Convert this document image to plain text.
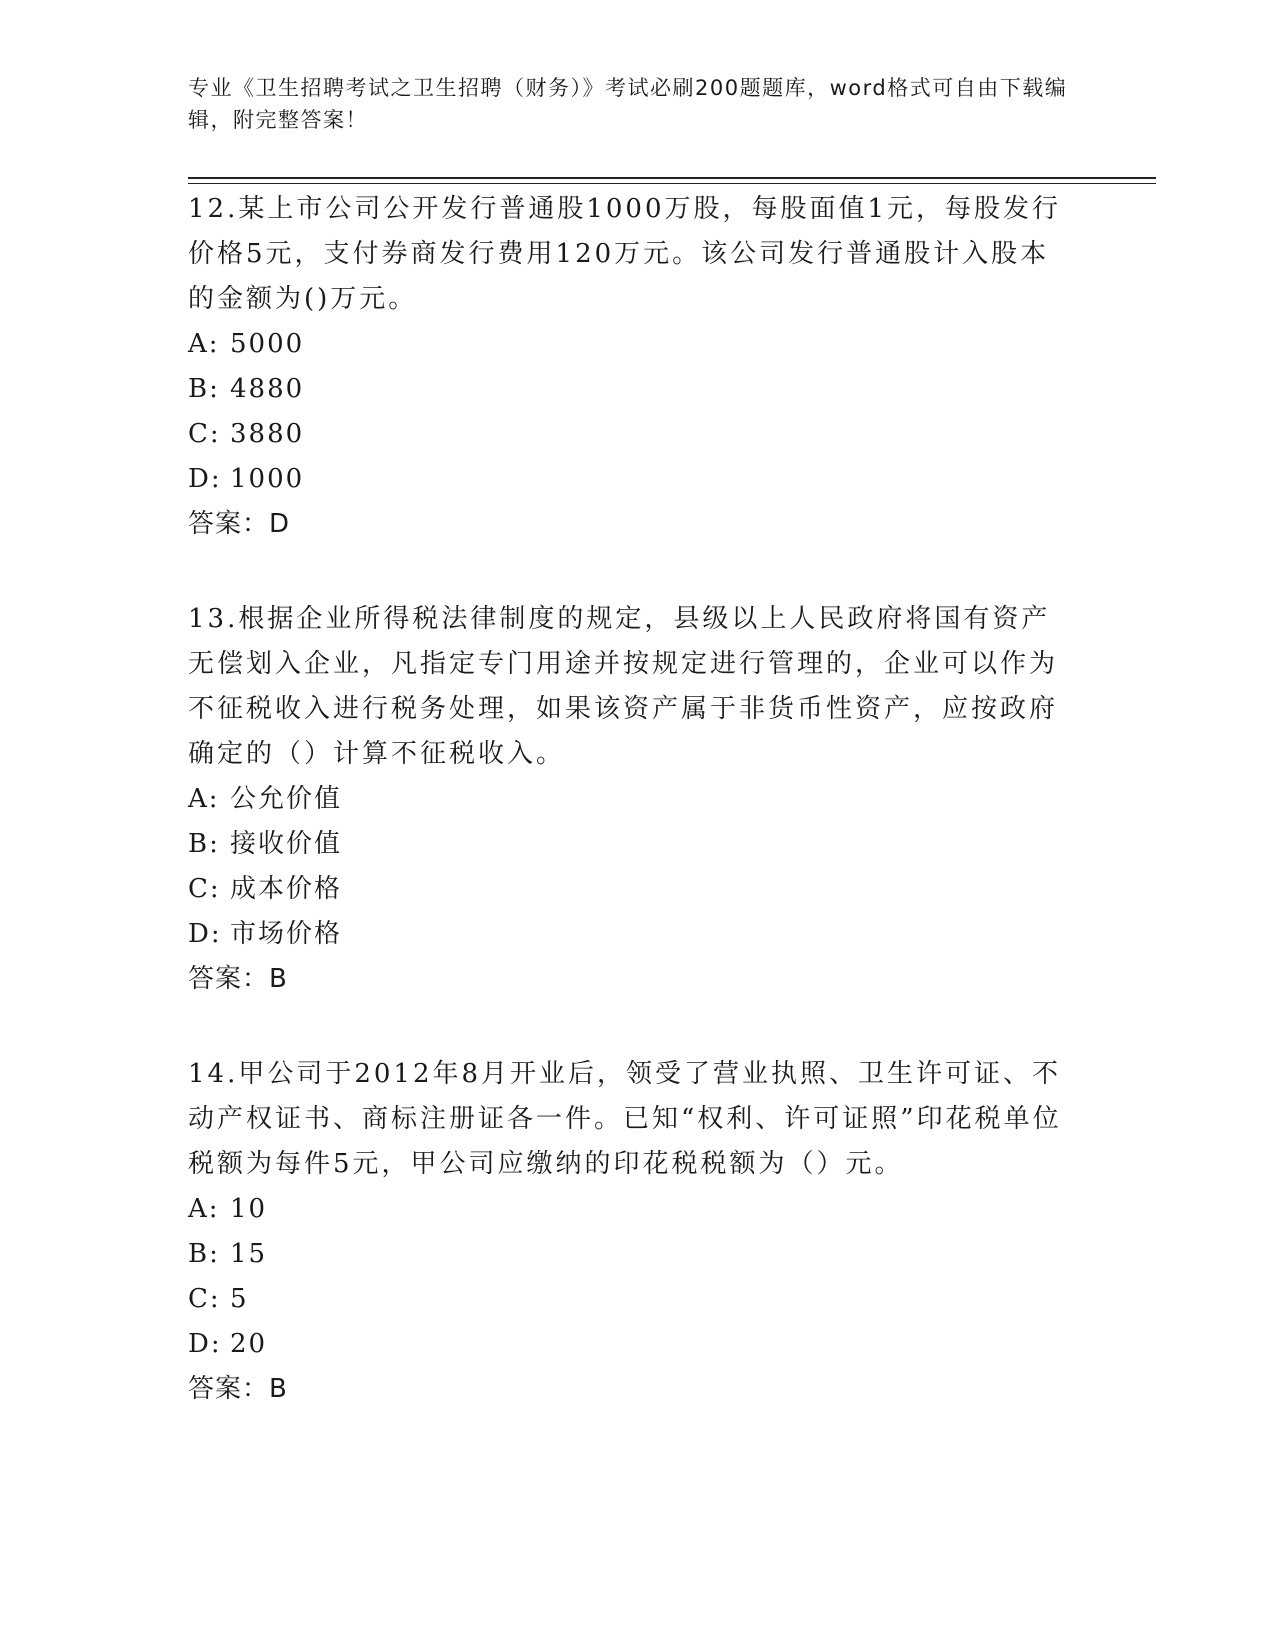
专业《卫生招聘考试之卫生招聘（财务）》考试必刷200题题库，word格式可自由下载编辑，附完整答案！

12.某上市公司公开发行普通股1000万股，每股面值1元，每股发行价格5元，支付券商发行费用120万元。该公司发行普通股计入股本的金额为()万元。

A: 5000
B: 4880
C: 3880
D: 1000
答案：D

13.根据企业所得税法律制度的规定，县级以上人民政府将国有资产无偿划入企业，凡指定专门用途并按规定进行管理的，企业可以作为不征税收入进行税务处理，如果该资产属于非货币性资产，应按政府确定的（）计算不征税收入。

A: 公允价值
B: 接收价值
C: 成本价格
D: 市场价格
答案：B

14.甲公司于2012年8月开业后，领受了营业执照、卫生许可证、不动产权证书、商标注册证各一件。已知“权利、许可证照”印花税单位税额为每件5元，甲公司应缴纳的印花税税额为（）元。

A: 10
B: 15
C: 5
D: 20
答案：B
